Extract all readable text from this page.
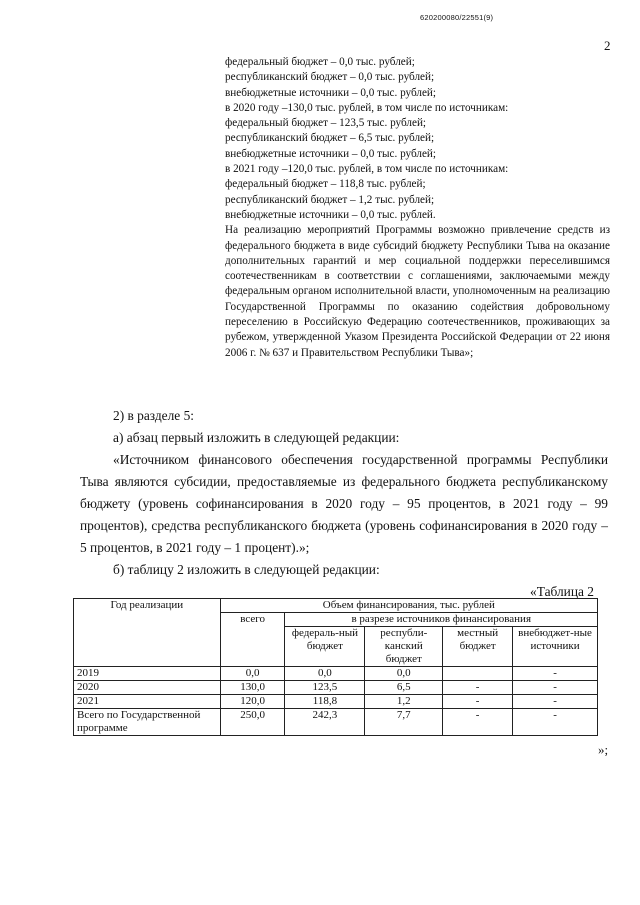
620200080/22551(9)
2
федеральный бюджет – 0,0 тыс. рублей;
республиканский бюджет – 0,0 тыс. рублей;
внебюджетные источники – 0,0 тыс. рублей;
в 2020 году –130,0 тыс. рублей, в том числе по источникам:
федеральный бюджет – 123,5 тыс. рублей;
республиканский бюджет – 6,5 тыс. рублей;
внебюджетные источники – 0,0 тыс. рублей;
в 2021 году –120,0 тыс. рублей, в том числе по источникам:
федеральный бюджет – 118,8 тыс. рублей;
республиканский бюджет – 1,2 тыс. рублей;
внебюджетные источники – 0,0 тыс. рублей.
На реализацию мероприятий Программы возможно привлечение средств из федерального бюджета в виде субсидий бюджету Республики Тыва на оказание дополнительных гарантий и мер социальной поддержки переселившимся соотечественникам в соответствии с соглашениями, заключаемыми между федеральным органом исполнительной власти, уполномоченным на реализацию Государственной Программы по оказанию содействия добровольному переселению в Российскую Федерацию соотечественников, проживающих за рубежом, утвержденной Указом Президента Российской Федерации от 22 июня 2006 г. № 637 и Правительством Республики Тыва»;
2) в разделе 5:
а) абзац первый изложить в следующей редакции:
«Источником финансового обеспечения государственной программы Республики Тыва являются субсидии, предоставляемые из федерального бюджета республиканскому бюджету (уровень софинансирования в 2020 году – 95 процентов, в 2021 году – 99 процентов), средства республиканского бюджета (уровень софинансирования в 2020 году – 5 процентов, в 2021 году – 1 процент).»;
б) таблицу 2 изложить в следующей редакции:
«Таблица 2
Год реализации	Объем финансирования, тыс. рублей				
	всего	в разрезе источников финансирования			
		федераль-ный бюджет	республи-канский бюджет	местный бюджет	внебюджет-ные источники
2019	0,0	0,0	0,0		-
2020	130,0	123,5	6,5	-	-
2021	120,0	118,8	1,2	-	-
Всего по Государственной программе	250,0	242,3	7,7	-	-
»;
